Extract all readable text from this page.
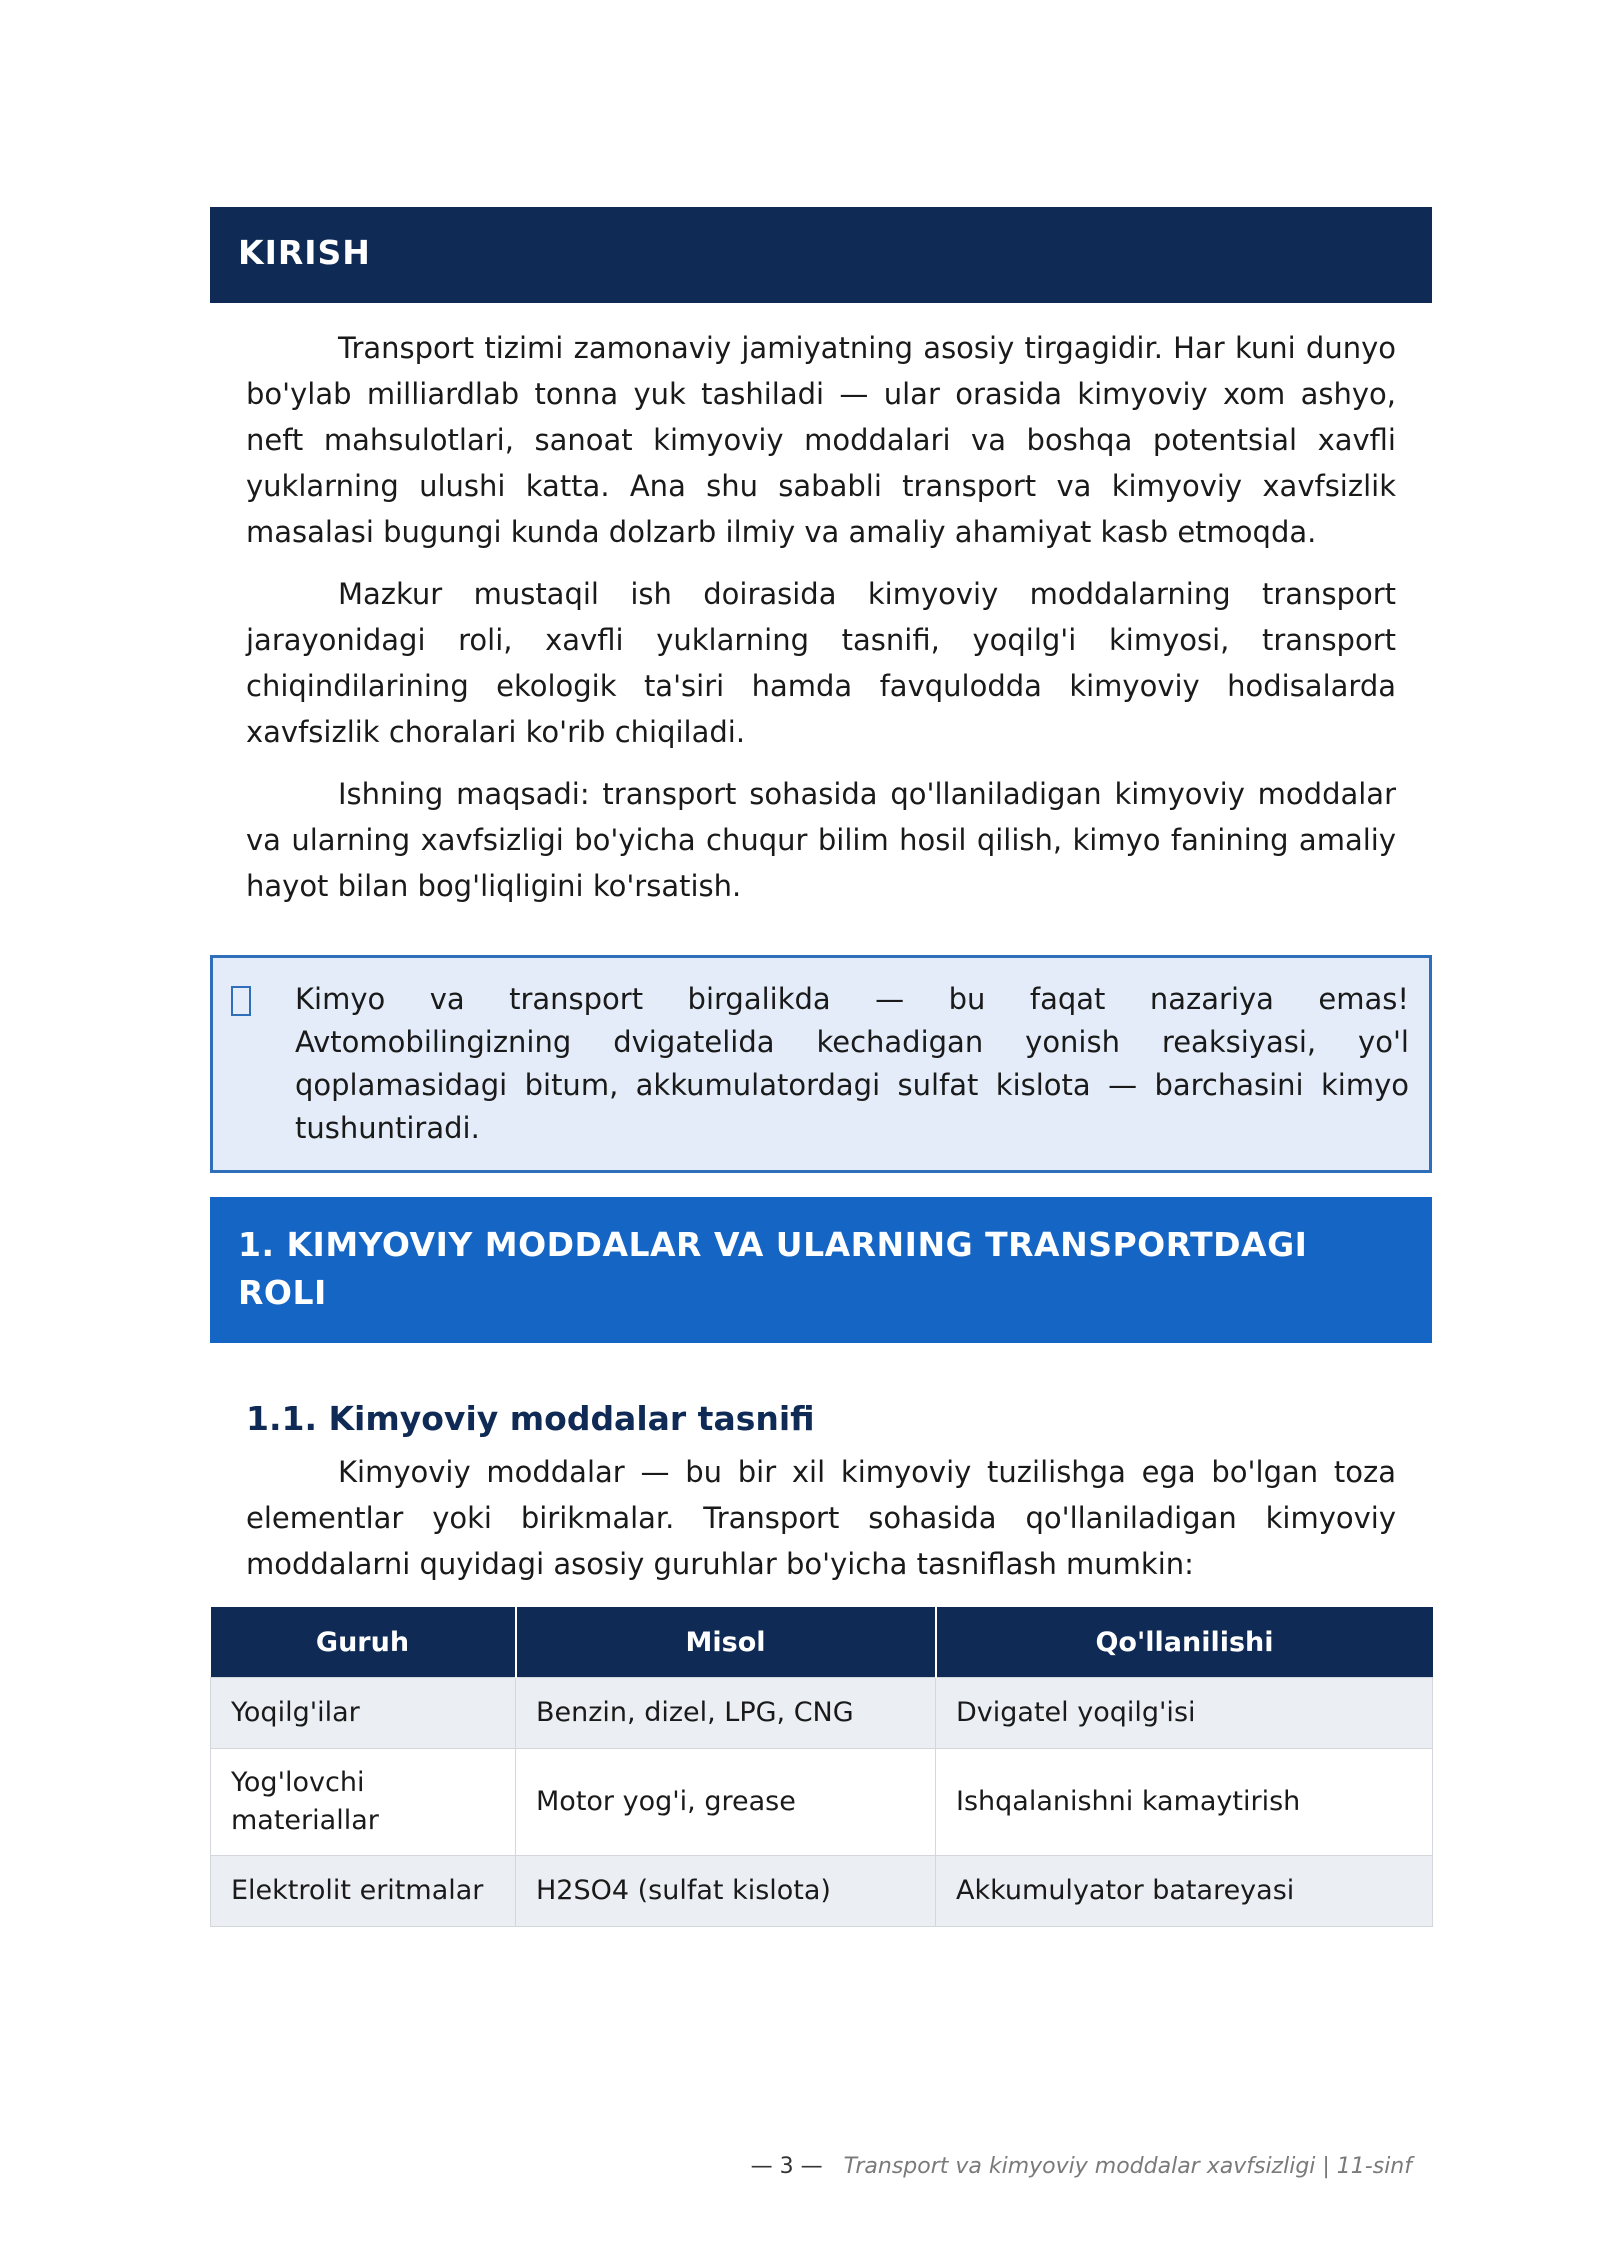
KIRISH

Transport tizimi zamonaviy jamiyatning asosiy tirgagidir. Har kuni dunyo bo'ylab milliardlab tonna yuk tashiladi — ular orasida kimyoviy xom ashyo, neft mahsulotlari, sanoat kimyoviy moddalari va boshqa potentsial xavfli yuklarning ulushi katta. Ana shu sababli transport va kimyoviy xavfsizlik masalasi bugungi kunda dolzarb ilmiy va amaliy ahamiyat kasb etmoqda.

Mazkur mustaqil ish doirasida kimyoviy moddalarning transport jarayonidagi roli, xavfli yuklarning tasnifi, yoqilg'i kimyosi, transport chiqindilarining ekologik ta'siri hamda favqulodda kimyoviy hodisalarda xavfsizlik choralari ko'rib chiqiladi.

Ishning maqsadi: transport sohasida qo'llaniladigan kimyoviy moddalar va ularning xavfsizligi bo'yicha chuqur bilim hosil qilish, kimyo fanining amaliy hayot bilan bog'liqligini ko'rsatish.

Kimyo va transport birgalikda — bu faqat nazariya emas! Avtomobilingizning dvigatelida kechadigan yonish reaksiyasi, yo'l qoplamasidagi bitum, akkumulatordagi sulfat kislota — barchasini kimyo tushuntiradi.

1. KIMYOVIY MODDALAR VA ULARNING TRANSPORTDAGI ROLI
1.1. Kimyoviy moddalar tasnifi

Kimyoviy moddalar — bu bir xil kimyoviy tuzilishga ega bo'lgan toza elementlar yoki birikmalar. Transport sohasida qo'llaniladigan kimyoviy moddalarni quyidagi asosiy guruhlar bo'yicha tasniflash mumkin:

Guruh	Misol	Qo'llanilishi
Yoqilg'ilar	Benzin, dizel, LPG, CNG	Dvigatel yoqilg'isi
Yog'lovchi materiallar	Motor yog'i, grease	Ishqalanishni kamaytirish
Elektrolit eritmalar	H2SO4 (sulfat kislota)	Akkumulyator batareyasi
— 3 — Transport va kimyoviy moddalar xavfsizligi | 11-sinf
